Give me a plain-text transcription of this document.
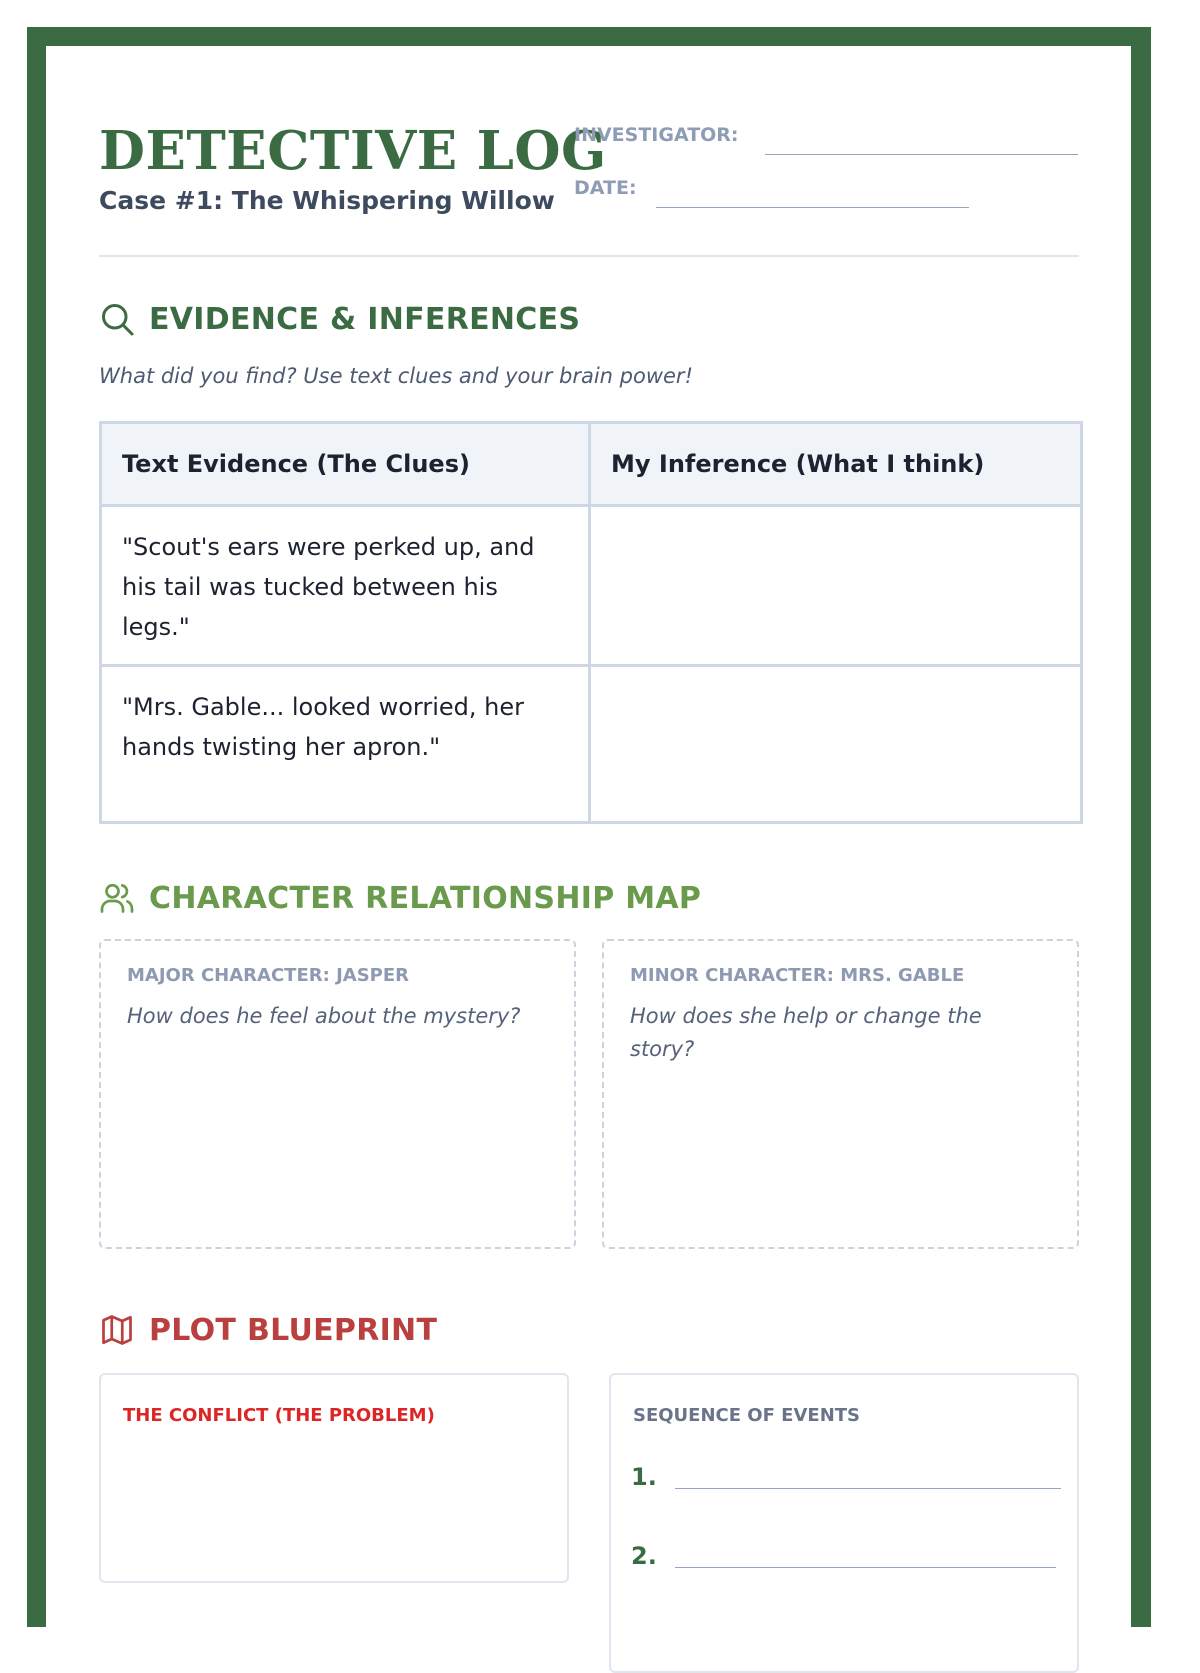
DETECTIVE LOG
Case #1: The Whispering Willow
INVESTIGATOR:
DATE:
EVIDENCE & INFERENCES
What did you find? Use text clues and your brain power!
Text Evidence (The Clues)	My Inference (What I think)
"Scout's ears were perked up, and his tail was tucked between his legs."	
"Mrs. Gable... looked worried, her hands twisting her apron."	
CHARACTER RELATIONSHIP MAP
MAJOR CHARACTER: JASPER
How does he feel about the mystery?
MINOR CHARACTER: MRS. GABLE
How does she help or change the story?
PLOT BLUEPRINT
THE CONFLICT (THE PROBLEM)	SEQUENCE OF EVENTS
1.
2.
